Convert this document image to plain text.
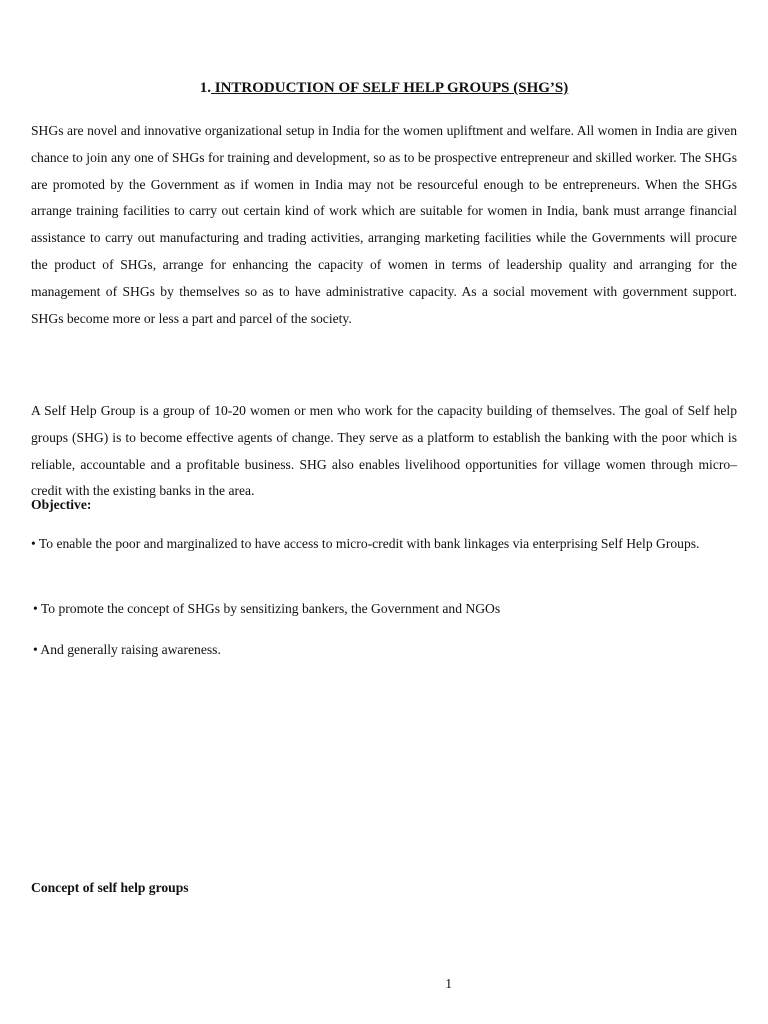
1. INTRODUCTION OF SELF HELP GROUPS (SHG’S)

SHGs are novel and innovative organizational setup in India for the women upliftment and welfare. All women in India are given chance to join any one of SHGs for training and development, so as to be prospective entrepreneur and skilled worker. The SHGs are promoted by the Government as if women in India may not be resourceful enough to be entrepreneurs. When the SHGs arrange training facilities to carry out certain kind of work which are suitable for women in India, bank must arrange financial assistance to carry out manufacturing and trading activities, arranging marketing facilities while the Governments will procure the product of SHGs, arrange for enhancing the capacity of women in terms of leadership quality and arranging for the management of SHGs by themselves so as to have administrative capacity. As a social movement with government support. SHGs become more or less a part and parcel of the society.

A Self Help Group is a group of 10-20 women or men who work for the capacity building of themselves. The goal of Self help groups (SHG) is to become effective agents of change. They serve as a platform to establish the banking with the poor which is reliable, accountable and a profitable business. SHG also enables livelihood opportunities for village women through micro–credit with the existing banks in the area.

Objective:
• To enable the poor and marginalized to have access to micro-credit with bank linkages via enterprising Self Help Groups.
• To promote the concept of SHGs by sensitizing bankers, the Government and NGOs
• And generally raising awareness.
Concept of self help groups
1
